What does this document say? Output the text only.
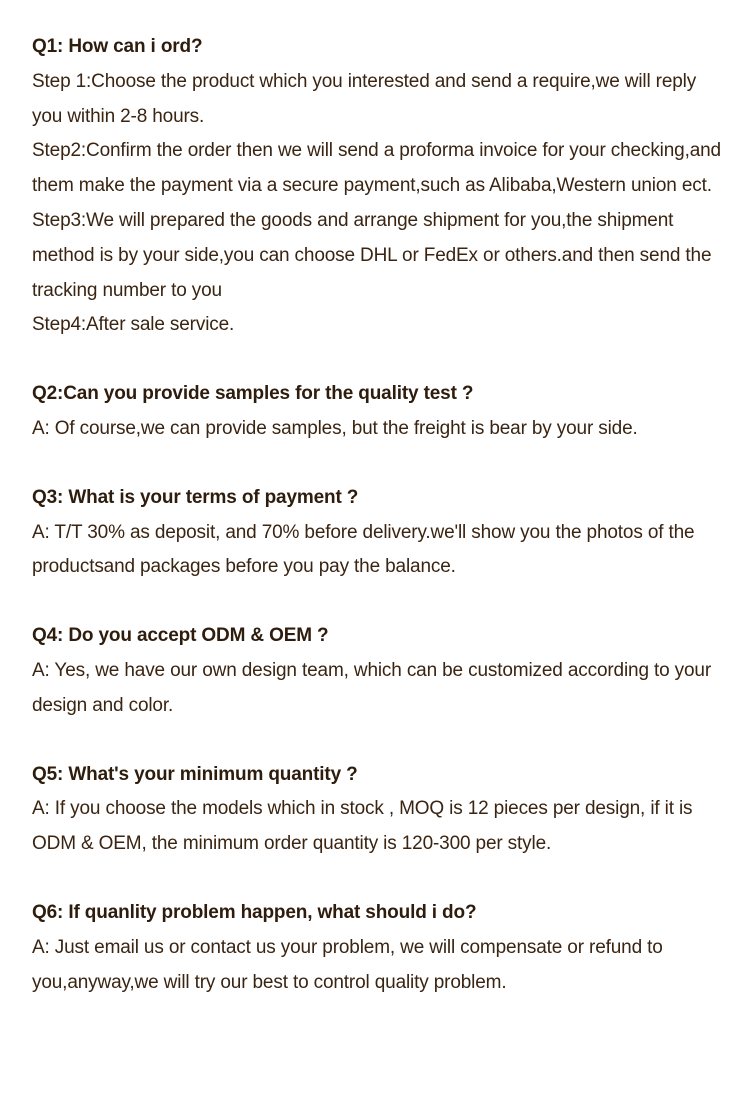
Q1: How can i ord?
Step 1:Choose the product which you interested and send a require,we will reply
you within 2-8 hours.
Step2:Confirm the order then we will send a proforma invoice for your checking,and
them make the payment via a secure payment,such as Alibaba,Western union ect.
Step3:We will prepared the goods and arrange shipment for you,the shipment
method is by your side,you can choose DHL or FedEx or others.and then send the
tracking number to you
Step4:After sale service.
Q2:Can you provide samples for the quality test ?
A: Of course,we can provide samples, but the freight is bear by your side.
Q3: What is your terms of payment ?
A: T/T 30% as deposit, and 70% before delivery.we'll show you the photos of the
productsand packages before you pay the balance.
Q4: Do you accept ODM & OEM ?
A: Yes, we have our own design team, which can be customized according to your
design and color.
Q5: What's your minimum quantity ?
A: If you choose the models which in stock , MOQ is 12 pieces per design, if it is
ODM & OEM, the minimum order quantity is 120-300 per style.
Q6: If quanlity problem happen, what should i do?
A: Just email us or contact us your problem, we will compensate or refund to
you,anyway,we will try our best to control quality problem.
